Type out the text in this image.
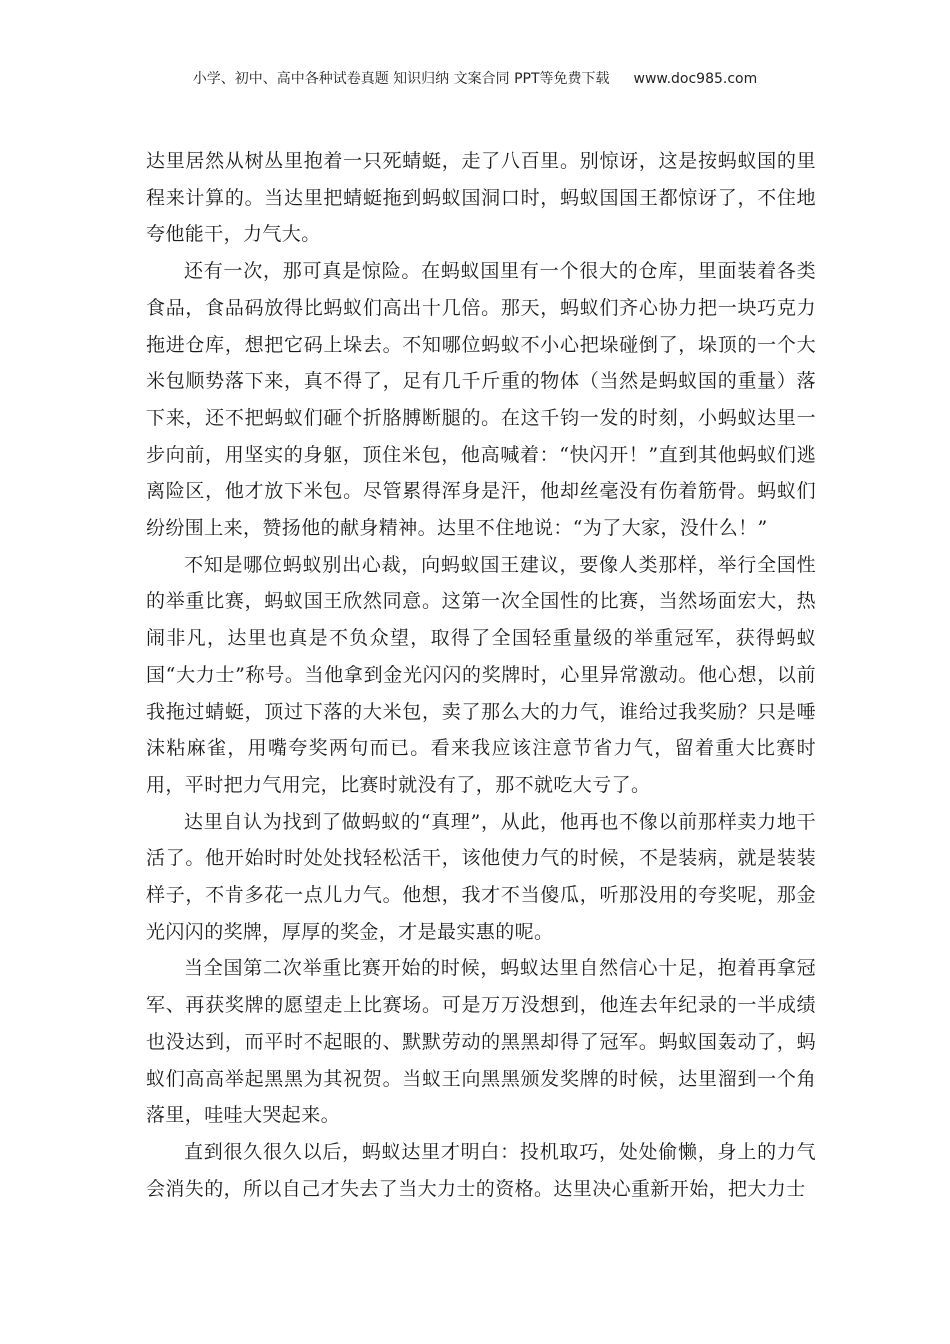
小学、初中、高中各种试卷真题 知识归纳 文案合同 PPT等免费下载 www.doc985.com

达里居然从树丛里抱着一只死蜻蜓，走了八百里。别惊讶，这是按蚂蚁国的里程来计算的。当达里把蜻蜓拖到蚂蚁国洞口时，蚂蚁国国王都惊讶了，不住地夸他能干，力气大。

还有一次，那可真是惊险。在蚂蚁国里有一个很大的仓库，里面装着各类食品，食品码放得比蚂蚁们高出十几倍。那天，蚂蚁们齐心协力把一块巧克力拖进仓库，想把它码上垛去。不知哪位蚂蚁不小心把垛碰倒了，垛顶的一个大米包顺势落下来，真不得了，足有几千斤重的物体（当然是蚂蚁国的重量）落下来，还不把蚂蚁们砸个折胳膊断腿的。在这千钧一发的时刻，小蚂蚁达里一步向前，用坚实的身躯，顶住米包，他高喊着：“快闪开！”直到其他蚂蚁们逃离险区，他才放下米包。尽管累得浑身是汗，他却丝毫没有伤着筋骨。蚂蚁们纷纷围上来，赞扬他的献身精神。达里不住地说：“为了大家，没什么！”

不知是哪位蚂蚁别出心裁，向蚂蚁国王建议，要像人类那样，举行全国性的举重比赛，蚂蚁国王欣然同意。这第一次全国性的比赛，当然场面宏大，热闹非凡，达里也真是不负众望，取得了全国轻重量级的举重冠军，获得蚂蚁国“大力士”称号。当他拿到金光闪闪的奖牌时，心里异常激动。他心想，以前我拖过蜻蜓，顶过下落的大米包，卖了那么大的力气，谁给过我奖励？只是唾沫粘麻雀，用嘴夸奖两句而已。看来我应该注意节省力气，留着重大比赛时用，平时把力气用完，比赛时就没有了，那不就吃大亏了。

达里自认为找到了做蚂蚁的“真理”，从此，他再也不像以前那样卖力地干活了。他开始时时处处找轻松活干，该他使力气的时候，不是装病，就是装装样子，不肯多花一点儿力气。他想，我才不当傻瓜，听那没用的夸奖呢，那金光闪闪的奖牌，厚厚的奖金，才是最实惠的呢。

当全国第二次举重比赛开始的时候，蚂蚁达里自然信心十足，抱着再拿冠军、再获奖牌的愿望走上比赛场。可是万万没想到，他连去年纪录的一半成绩也没达到，而平时不起眼的、默默劳动的黑黑却得了冠军。蚂蚁国轰动了，蚂蚁们高高举起黑黑为其祝贺。当蚁王向黑黑颁发奖牌的时候，达里溜到一个角落里，哇哇大哭起来。

直到很久很久以后，蚂蚁达里才明白：投机取巧，处处偷懒，身上的力气会消失的，所以自己才失去了当大力士的资格。达里决心重新开始，把大力士
